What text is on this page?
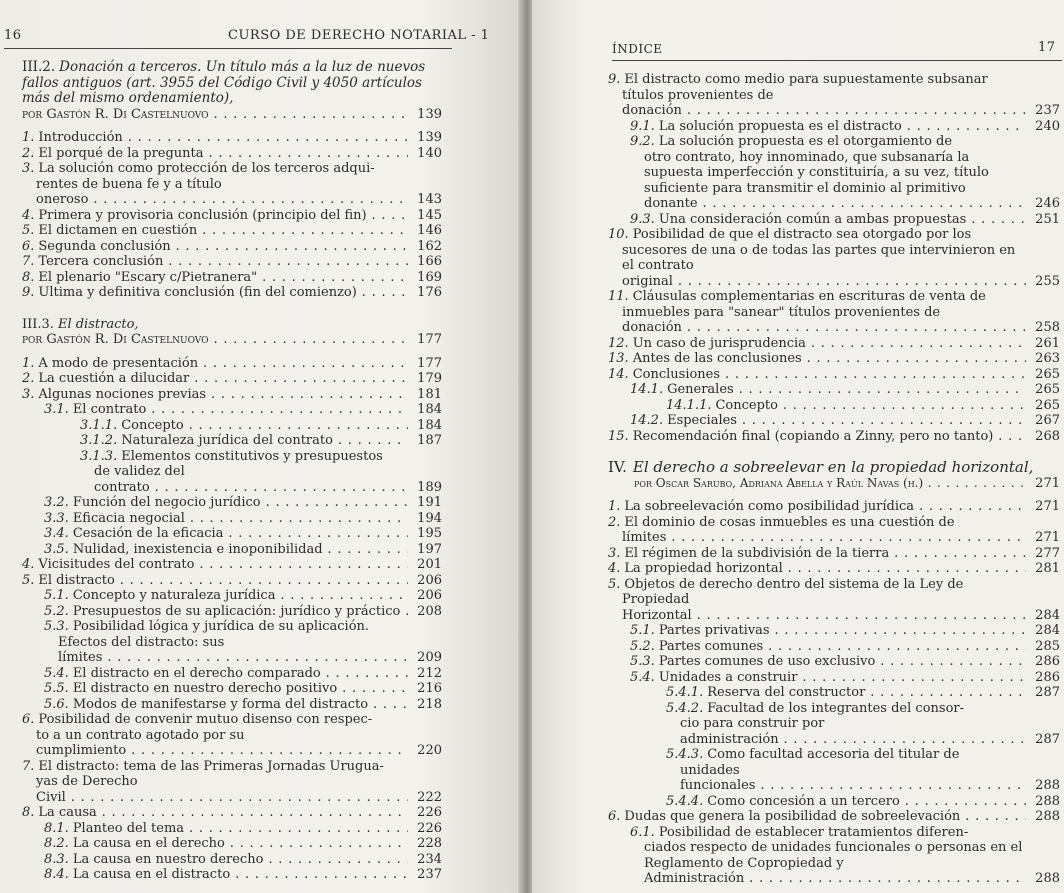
16	CURSO DE DERECHO NOTARIAL - 1
III.2. Donación a terceros. Un título más a la luz de nuevos
fallos antiguos (art. 3955 del Código Civil y 4050 artículos
más del mismo ordenamiento),

por Gastón R. Di Castelnuovo . . .	139
1. Introducción . . .	139
2. El porqué de la pregunta . . .	140
3. La solución como protección de los terceros adqui-
rentes de buena fe y a título oneroso . . .	143
4. Primera y provisoria conclusión (principio del fin) . . .	145
5. El dictamen en cuestión . . .	146
6. Segunda conclusión . . .	162
7. Tercera conclusión . . .	166
8. El plenario "Escary c/Pietranera" . . .	169
9. Última y definitiva conclusión (fin del comienzo) . . .	176
III.3. El distracto,
por Gastón R. Di Castelnuovo . . .	177
1. A modo de presentación . . .	177
2. La cuestión a dilucidar . . .	179
3. Algunas nociones previas . . .	181
3.1. El contrato . . .	184
3.1.1. Concepto . . .	184
3.1.2. Naturaleza jurídica del contrato . . .	187
3.1.3. Elementos constitutivos y presupuestos
de validez del contrato . . .	189
3.2. Función del negocio jurídico . . .	191
3.3. Eficacia negocial . . .	194
3.4. Cesación de la eficacia . . .	195
3.5. Nulidad, inexistencia e inoponibilidad . . .	197
4. Vicisitudes del contrato . . .	201
5. El distracto . . .	206
5.1. Concepto y naturaleza jurídica . . .	206
5.2. Presupuestos de su aplicación: jurídico y práctico . . .	208
5.3. Posibilidad lógica y jurídica de su aplicación.
Efectos del distracto: sus límites . . .	209
5.4. El distracto en el derecho comparado . . .	212
5.5. El distracto en nuestro derecho positivo . . .	216
5.6. Modos de manifestarse y forma del distracto . . .	218
6. Posibilidad de convenir mutuo disenso con respec-
to a un contrato agotado por su cumplimiento . . .	220
7. El distracto: tema de las Primeras Jornadas Urugua-
yas de Derecho Civil . . .	222
8. La causa . . .	226
8.1. Planteo del tema . . .	226
8.2. La causa en el derecho . . .	228
8.3. La causa en nuestro derecho . . .	234
8.4. La causa en el distracto . . .	237
ÍNDICE	17
9. El distracto como medio para supuestamente subsanar
títulos provenientes de donación . . .	237
9.1. La solución propuesta es el distracto . . .	240
9.2. La solución propuesta es el otorgamiento de
otro contrato, hoy innominado, que subsanaría la supuesta imperfección y constituiría, a su vez, título suficiente para transmitir el dominio al primitivo donante . . .	246
9.3. Una consideración común a ambas propuestas . . .	251
10. Posibilidad de que el distracto sea otorgado por los
sucesores de una o de todas las partes que intervinieron en el contrato original . . .	255
11. Cláusulas complementarias en escrituras de venta de
inmuebles para "sanear" títulos provenientes de donación . . .	258
12. Un caso de jurisprudencia . . .	261
13. Antes de las conclusiones . . .	263
14. Conclusiones . . .	265
14.1. Generales . . .	265
14.1.1. Concepto . . .	265
14.2. Especiales . . .	267
15. Recomendación final (copiando a Zinny, pero no tanto) . . .	268
IV. El derecho a sobreelevar en la propiedad horizontal,
por Oscar Sarubo, Adriana Abella y Raúl Navas (h.) . . .	271
1. La sobreelevación como posibilidad jurídica . . .	271
2. El dominio de cosas inmuebles es una cuestión de
límites . . .	271
3. El régimen de la subdivisión de la tierra . . .	277
4. La propiedad horizontal . . .	281
5. Objetos de derecho dentro del sistema de la Ley de
Propiedad Horizontal . . .	284
5.1. Partes privativas . . .	284
5.2. Partes comunes . . .	285
5.3. Partes comunes de uso exclusivo . . .	286
5.4. Unidades a construir . . .	286
5.4.1. Reserva del constructor . . .	287
5.4.2. Facultad de los integrantes del consor-
cio para construir por administración . . .	287
5.4.3. Como facultad accesoria del titular de
unidades funcionales . . .	288
5.4.4. Como concesión a un tercero . . .	288
6. Dudas que genera la posibilidad de sobreelevación . . .	288
6.1. Posibilidad de establecer tratamientos diferen-
ciados respecto de unidades funcionales o personas en el Reglamento de Copropiedad y Administración . . .	288
